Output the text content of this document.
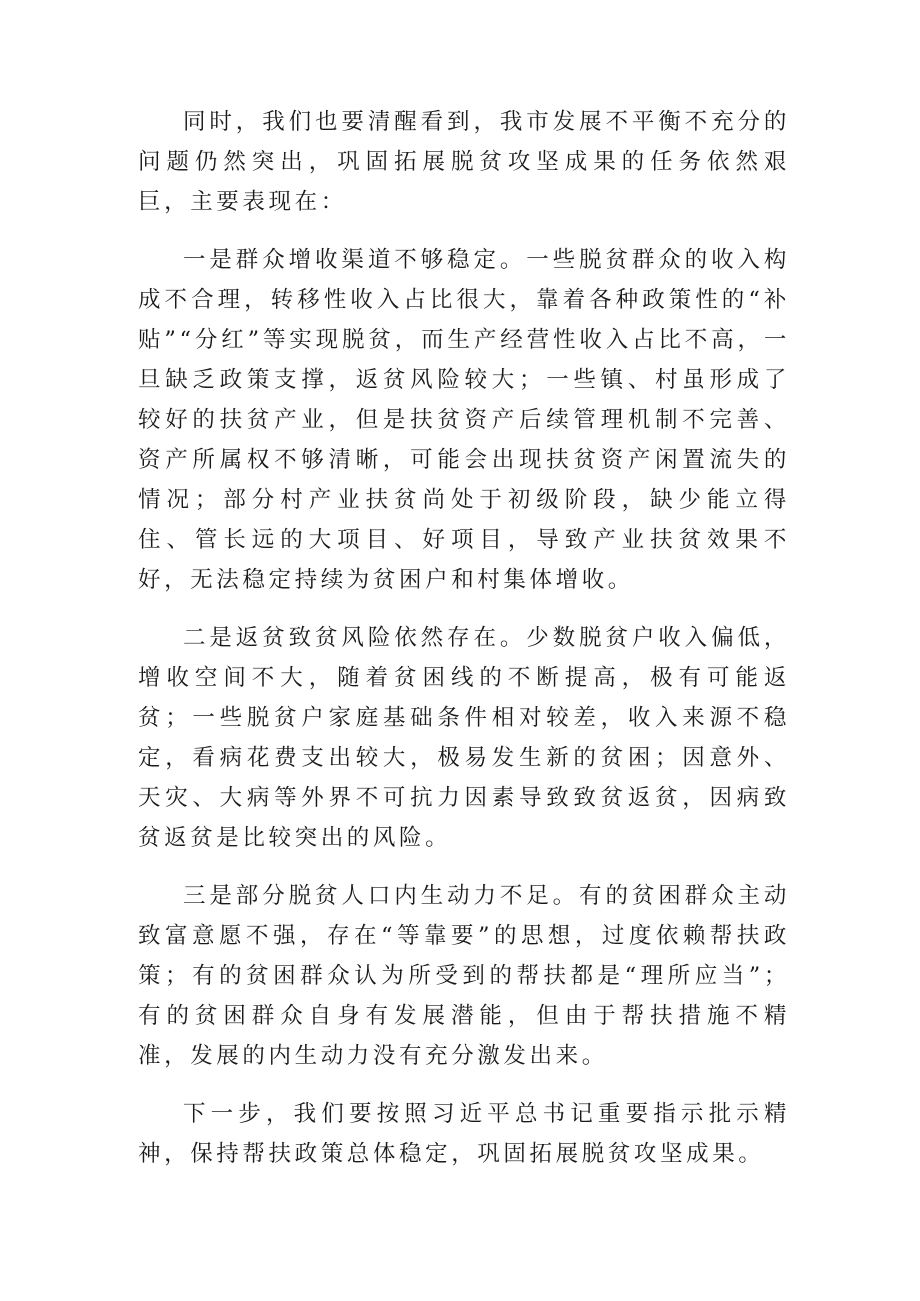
同时，我们也要清醒看到，我市发展不平衡不充分的问题仍然突出，巩固拓展脱贫攻坚成果的任务依然艰巨，主要表现在：

一是群众增收渠道不够稳定。一些脱贫群众的收入构成不合理，转移性收入占比很大，靠着各种政策性的“补贴”“分红”等实现脱贫，而生产经营性收入占比不高，一旦缺乏政策支撑，返贫风险较大；一些镇、村虽形成了较好的扶贫产业，但是扶贫资产后续管理机制不完善、资产所属权不够清晰，可能会出现扶贫资产闲置流失的情况；部分村产业扶贫尚处于初级阶段，缺少能立得住、管长远的大项目、好项目，导致产业扶贫效果不好，无法稳定持续为贫困户和村集体增收。

二是返贫致贫风险依然存在。少数脱贫户收入偏低，增收空间不大，随着贫困线的不断提高，极有可能返贫；一些脱贫户家庭基础条件相对较差，收入来源不稳定，看病花费支出较大，极易发生新的贫困；因意外、天灾、大病等外界不可抗力因素导致致贫返贫，因病致贫返贫是比较突出的风险。

三是部分脱贫人口内生动力不足。有的贫困群众主动致富意愿不强，存在“等靠要”的思想，过度依赖帮扶政策；有的贫困群众认为所受到的帮扶都是“理所应当”；有的贫困群众自身有发展潜能，但由于帮扶措施不精准，发展的内生动力没有充分激发出来。

下一步，我们要按照习近平总书记重要指示批示精神，保持帮扶政策总体稳定，巩固拓展脱贫攻坚成果。
